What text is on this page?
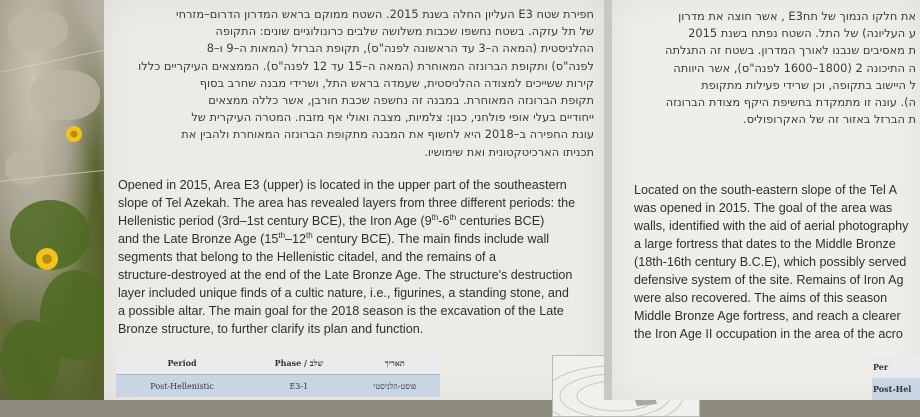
חפירת שטח E3 העליון החלה בשנת 2015. השטח ממוקם בראש המדרון הדרום–מזרחי

של תל עזקה. בשטח נחשפו שכבות משלושה שלבים כרונולוגיים שונים: התקופה

ההלניסטית (המאה ה–3 עד הראשונה לפנה"ס), תקופת הברזל (המאות ה–9 ו–8

לפנה"ס) ותקופת הברונזה המאוחרת (המאה ה–15 עד 12 לפנה"ס). הממצאים העיקריים כללו

קירות ששייכים למצודה ההלניסטית, שעמדה בראש התל, ושרידי מבנה שחרב בסוף

תקופת הברונזה המאוחרת. במבנה זה נחשפה שכבת חורבן, אשר כללה ממצאים

ייחודיים בעלי אופי פולחני, כגון: צלמיות, מצבה ואולי אף מזבח. המטרה העיקרית של

עונת החפירה ב–2018 היא לחשוף את המבנה מתקופת הברונזה המאוחרת ולהבין את

תכניתו הארכיטקטונית ואת שימושיו.

Opened in 2015, Area E3 (upper) is located in the upper part of the southeastern

slope of Tel Azekah. The area has revealed layers from three different periods: the

Hellenistic period (3rd–1st century BCE), the Iron Age (9th-6th centuries BCE)

and the Late Bronze Age (15th–12th century BCE). The main finds include wall

segments that belong to the Hellenistic citadel, and the remains of a

structure-destroyed at the end of the Late Bronze Age. The structure's destruction

layer included unique finds of a cultic nature, i.e., figurines, a standing stone, and

a possible altar. The main goal for the 2018 season is the excavation of the Late

Bronze structure, to further clarify its plan and function.

Period	Phase / שלב	תאריך
Post-Hellenistic	E3-1	פוסט-הלניסטי

את חלקו הנמוך של תחE3 , אשר חוצה את מדרון

ע העליונה) של התל. השטח נפתח בשנת 2015

ת מאסיבים שנבנו לאורך המדרון. בשטח זה התגלתה

ה התיכונה 2 (1800–1600 לפנה"ס), אשר היוותה

ל היישוב בתקופה, וכן שרידי פעילות מתקופת

ה). עונה זו מתמקדת בחשיפת היקף מצודת הברונזה

ת הברזל באזור זה של האקרופוליס.

Located on the south-eastern slope of the Tel A

was opened in 2015. The goal of the area was

walls, identified with the aid of aerial photography

a large fortress that dates to the Middle Bronze

(18th-16th century B.C.E), which possibly served

defensive system of the site. Remains of Iron Ag

were also recovered. The aims of this season

Middle Bronze Age fortress, and reach a clearer

the Iron Age II occupation in the area of the acro

Per
Post-Hel
